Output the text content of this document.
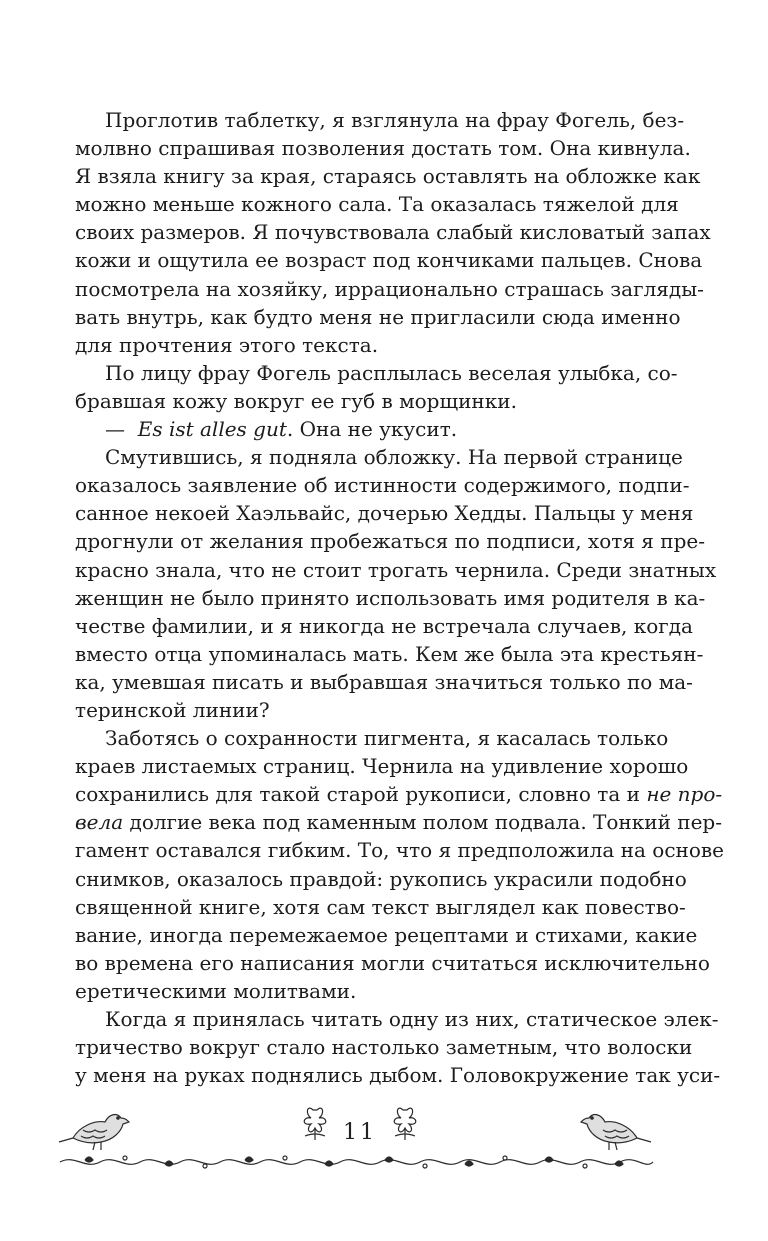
Проглотив таблетку, я взглянула на фрау Фогель, без-
молвно спрашивая позволения достать том. Она кивнула.
Я взяла книгу за края, стараясь оставлять на обложке как
можно меньше кожного сала. Та оказалась тяжелой для
своих размеров. Я почувствовала слабый кисловатый запах
кожи и ощутила ее возраст под кончиками пальцев. Снова
посмотрела на хозяйку, иррационально страшась загляды-
вать внутрь, как будто меня не пригласили сюда именно
для прочтения этого текста.
По лицу фрау Фогель расплылась веселая улыбка, со-
бравшая кожу вокруг ее губ в морщинки.
— Es ist alles gut. Она не укусит.
Смутившись, я подняла обложку. На первой странице
оказалось заявление об истинности содержимого, подпи-
санное некоей Хаэльвайс, дочерью Хедды. Пальцы у меня
дрогнули от желания пробежаться по подписи, хотя я пре-
красно знала, что не стоит трогать чернила. Среди знатных
женщин не было принято использовать имя родителя в ка-
честве фамилии, и я никогда не встречала случаев, когда
вместо отца упоминалась мать. Кем же была эта крестьян-
ка, умевшая писать и выбравшая значиться только по ма-
теринской линии?
Заботясь о сохранности пигмента, я касалась только
краев листаемых страниц. Чернила на удивление хорошо
сохранились для такой старой рукописи, словно та и не про-
вела долгие века под каменным полом подвала. Тонкий пер-
гамент оставался гибким. То, что я предположила на основе
снимков, оказалось правдой: рукопись украсили подобно
священной книге, хотя сам текст выглядел как повество-
вание, иногда перемежаемое рецептами и стихами, какие
во времена его написания могли считаться исключительно
еретическими молитвами.
Когда я принялась читать одну из них, статическое элек-
тричество вокруг стало настолько заметным, что волоски
у меня на руках поднялись дыбом. Головокружение так уси-
11
